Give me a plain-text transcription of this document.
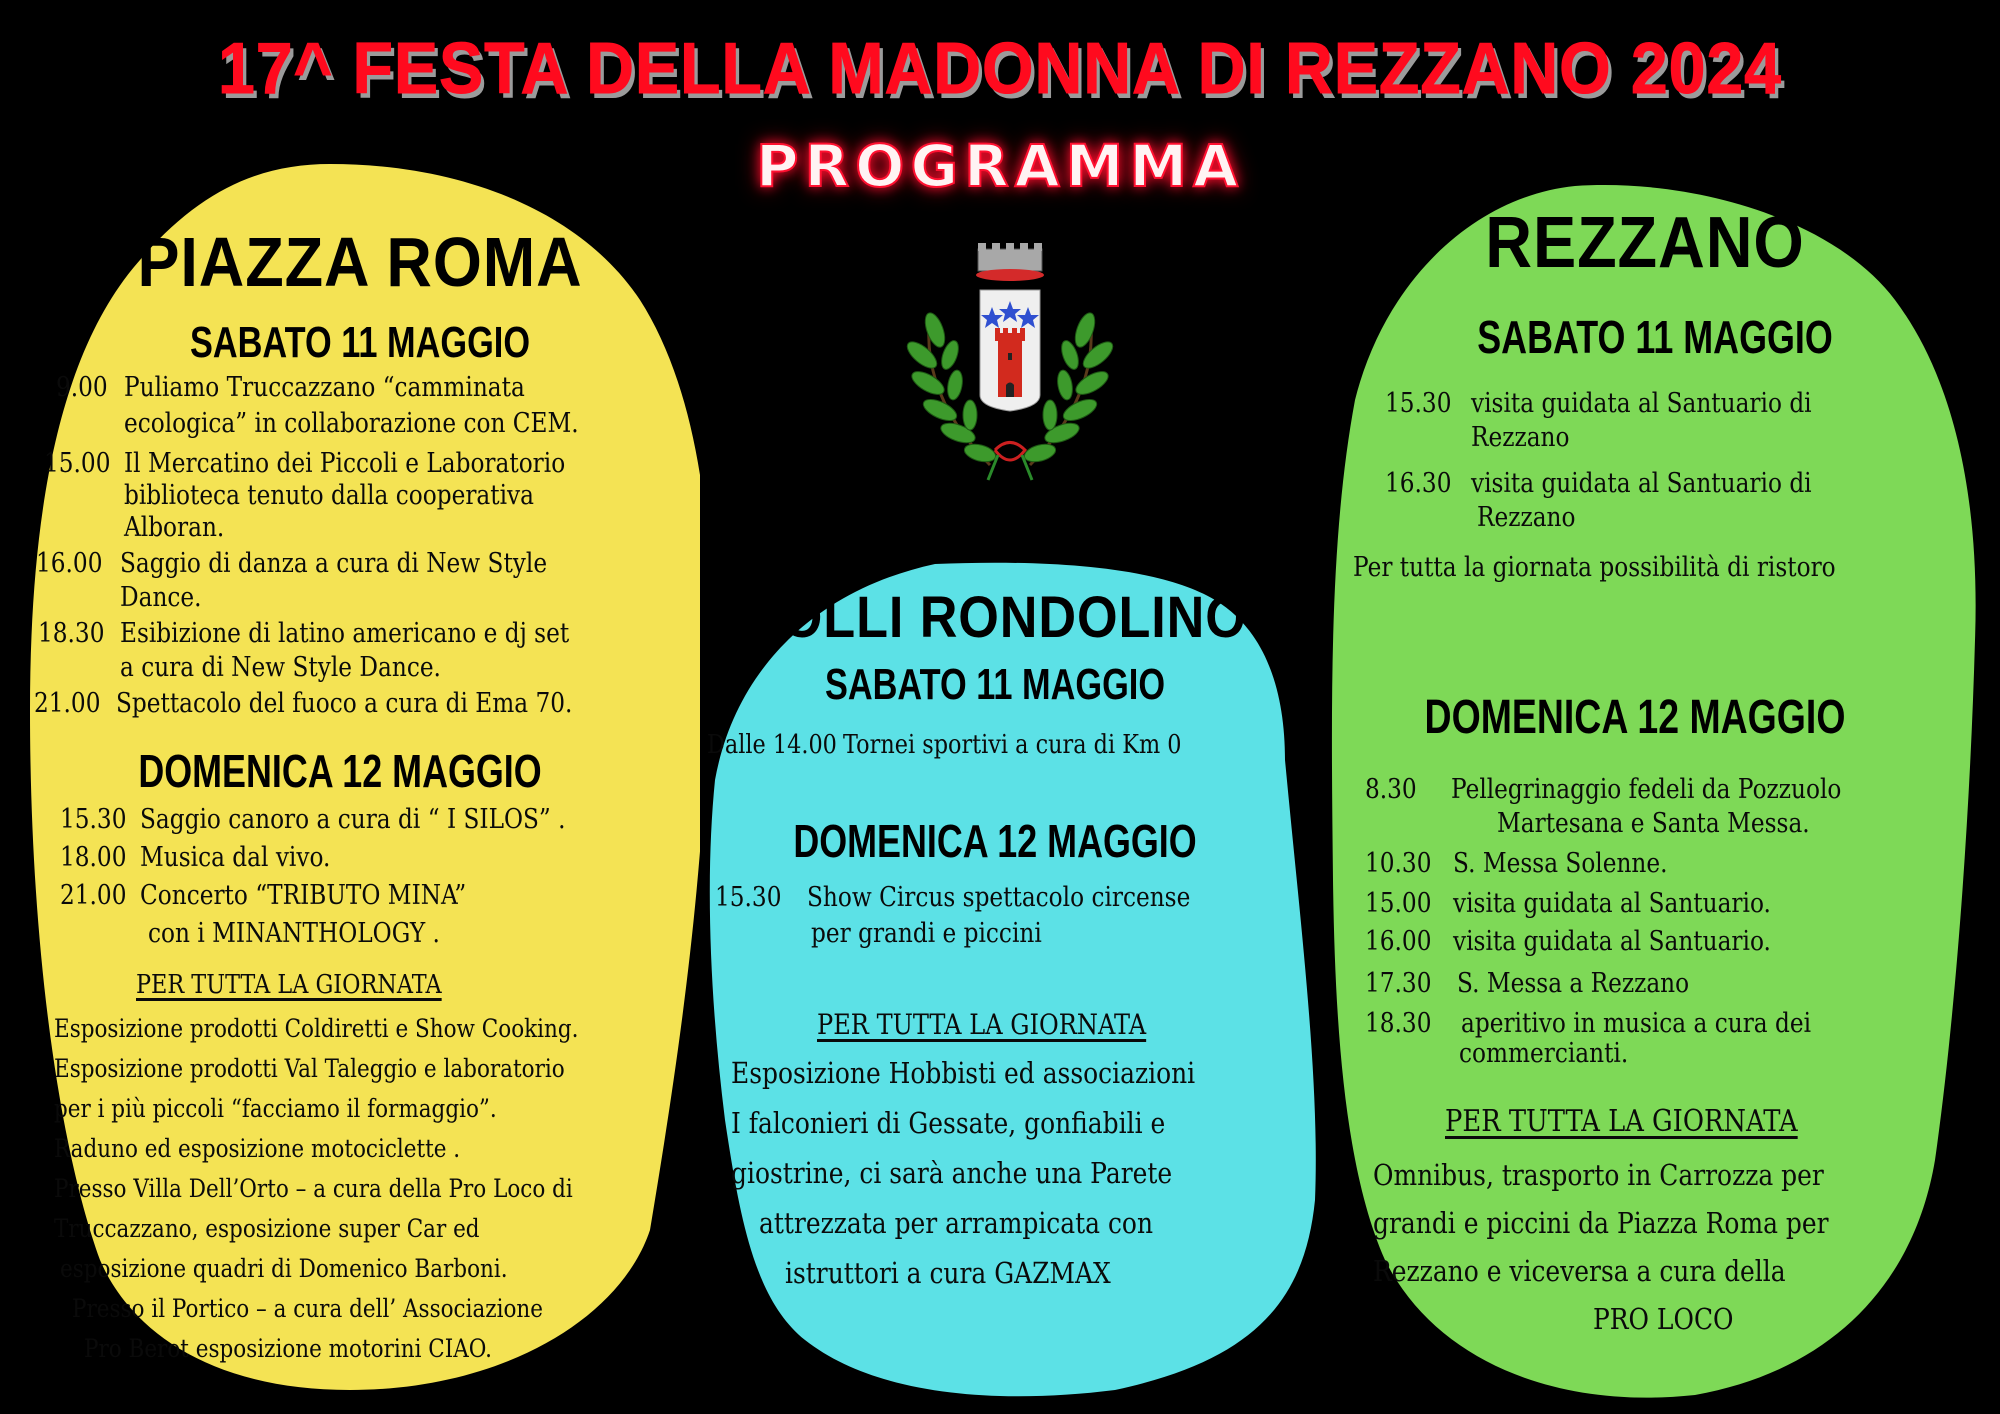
17^ FESTA DELLA MADONNA DI REZZANO 2024
PROGRAMMA
PIAZZA ROMA
SABATO 11 MAGGIO
9.00 Puliamo Truccazzano “camminata
ecologica” in collaborazione con CEM.
15.00 Il Mercatino dei Piccoli e Laboratorio
biblioteca tenuto dalla cooperativa
Alboran.
16.00 Saggio di danza a cura di New Style
Dance.
18.30 Esibizione di latino americano e dj set
a cura di New Style Dance.
21.00 Spettacolo del fuoco a cura di Ema 70.
DOMENICA 12 MAGGIO
15.30 Saggio canoro a cura di “ I SILOS” .
18.00 Musica dal vivo.
21.00 Concerto “TRIBUTO MINA”
con i MINANTHOLOGY .
PER TUTTA LA GIORNATA
Esposizione prodotti Coldiretti e Show Cooking.
Esposizione prodotti Val Taleggio e laboratorio
per i più piccoli “facciamo il formaggio”.
Raduno ed esposizione motociclette .
Presso Villa Dell’Orto – a cura della Pro Loco di
Truccazzano, esposizione super Car ed
esposizione quadri di Domenico Barboni.
Presso il Portico – a cura dell’ Associazione
Pro Berot esposizione motorini CIAO.
COLLI RONDOLINO
SABATO 11 MAGGIO
Dalle 14.00 Tornei sportivi a cura di Km 0
DOMENICA 12 MAGGIO
15.30 Show Circus spettacolo circense
per grandi e piccini
PER TUTTA LA GIORNATA
Esposizione Hobbisti ed associazioni
I falconieri di Gessate, gonfiabili e
giostrine, ci sarà anche una Parete
attrezzata per arrampicata con
istruttori a cura GAZMAX
REZZANO
SABATO 11 MAGGIO
15.30 visita guidata al Santuario di
Rezzano
16.30 visita guidata al Santuario di
Rezzano
Per tutta la giornata possibilità di ristoro
DOMENICA 12 MAGGIO
8.30 Pellegrinaggio fedeli da Pozzuolo
Martesana e Santa Messa.
10.30 S. Messa Solenne.
15.00 visita guidata al Santuario.
16.00 visita guidata al Santuario.
17.30 S. Messa a Rezzano
18.30 aperitivo in musica a cura dei
commercianti.
PER TUTTA LA GIORNATA
Omnibus, trasporto in Carrozza per
grandi e piccini da Piazza Roma per
Rezzano e viceversa a cura della
PRO LOCO
